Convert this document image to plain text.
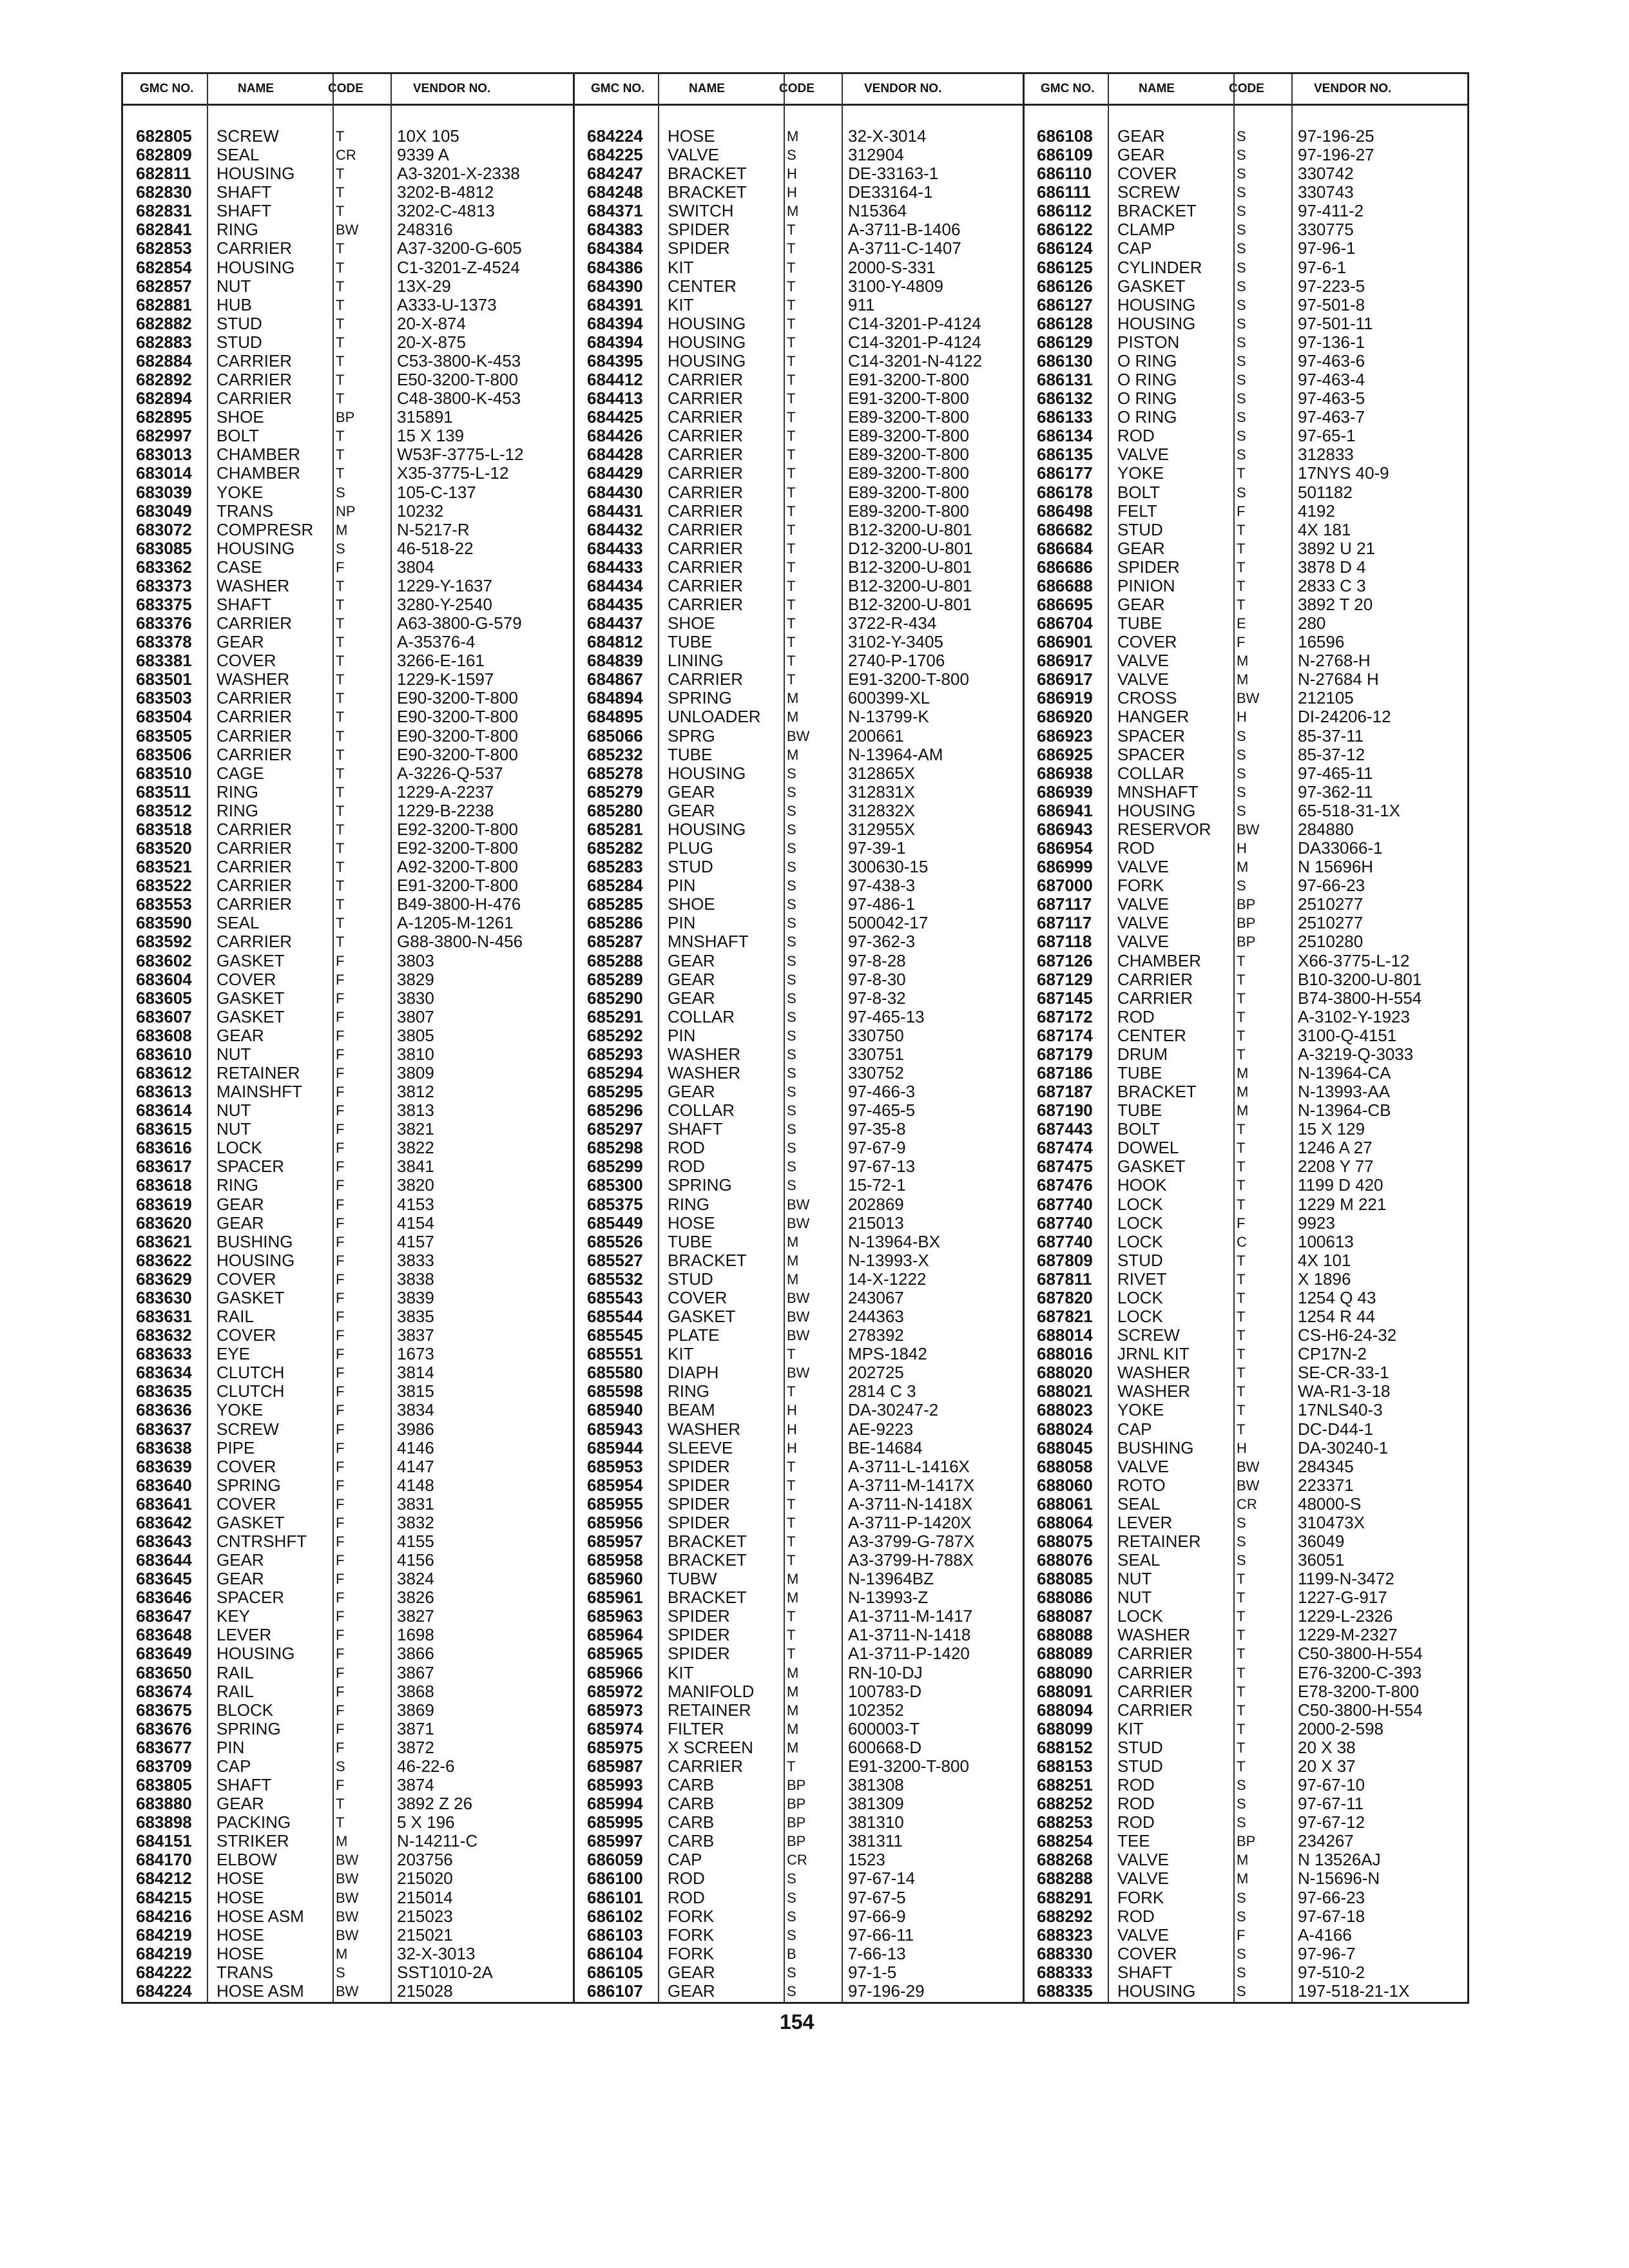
GMC NO.	NAME	CODE	VENDOR NO.	GMC NO.	NAME	CODE	VENDOR NO.	GMC NO.	NAME	CODE	VENDOR NO.
682805 SCREW	T	10X 105
682809 SEAL	CR 9339 A
682811 HOUSING	T	A3-3201-X-2338
682830 SHAFT	T	3202-B-4812
682831 SHAFT	T	3202-C-4813
682841 RING	BW 248316
682853 CARRIER	T	A37-3200-G-605
682854 HOUSING	T	C1-3201-Z-4524
682857 NUT	T	13X-29
682881 HUB	T	A333-U-1373
682882 STUD	T	20-X-874
682883 STUD	T	20-X-875
682884 CARRIER	T	C53-3800-K-453
682892 CARRIER	T	E50-3200-T-800
682894 CARRIER	T	C48-3800-K-453
682895 SHOE	BP	315891
682997 BOLT	T	15 X 139
683013 CHAMBER T	W53F-3775-L-12
683014 CHAMBER T	X35-3775-L-12
683039 YOKE	S	105-C-137
683049 TRANS	NP 10232
683072 COMPRESR M	N-5217-R
683085 HOUSING	S	46-518-22
683362 CASE	F	3804
683373 WASHER	T	1229-Y-1637
683375 SHAFT	T	3280-Y-2540
683376 CARRIER	T	A63-3800-G-579
683378 GEAR	T	A-35376-4
683381 COVER	T	3266-E-161
683501 WASHER	T	1229-K-1597
683503 CARRIER	T	E90-3200-T-800
683504 CARRIER	T	E90-3200-T-800
683505 CARRIER	T	E90-3200-T-800
683506 CARRIER	T	E90-3200-T-800
683510 CAGE	T	A-3226-Q-537
683511 RING	T	1229-A-2237
683512 RING	T	1229-B-2238
683518 CARRIER	T	E92-3200-T-800
683520 CARRIER	T	E92-3200-T-800
683521 CARRIER	T	A92-3200-T-800
683522 CARRIER	T	E91-3200-T-800
683553 CARRIER	T	B49-3800-H-476
683590 SEAL	T	A-1205-M-1261
683592 CARRIER	T	G88-3800-N-456
683602 GASKET	F	3803
683604 COVER	F	3829
683605 GASKET	F	3830
683607 GASKET	F	3807
683608 GEAR	F	3805
683610 NUT	F	3810
683612 RETAINER	F	3809
683613 MAINSHFT F	3812
683614 NUT	F	3813
683615 NUT	F	3821
683616 LOCK	F	3822
683617 SPACER	F	3841
683618 RING	F	3820
683619 GEAR	F	4153
683620 GEAR	F	4154
683621 BUSHING	F	4157
683622 HOUSING	F	3833
683629 COVER	F	3838
683630 GASKET	F	3839
683631 RAIL	F	3835
683632 COVER	F	3837
683633 EYE	F	1673
683634 CLUTCH	F	3814
683635 CLUTCH	F	3815
683636 YOKE	F	3834
683637 SCREW	F	3986
683638 PIPE	F	4146
683639 COVER	F	4147
683640 SPRING	F	4148
683641 COVER	F	3831
683642 GASKET	F	3832
683643 CNTRSHFT F	4155
683644 GEAR	F	4156
683645 GEAR	F	3824
683646 SPACER	F	3826
683647 KEY	F	3827
683648 LEVER	F	1698
683649 HOUSING	F	3866
683650 RAIL	F	3867
683674 RAIL	F	3868
683675 BLOCK	F	3869
683676 SPRING	F	3871
683677 PIN	F	3872
683709 CAP	S	46-22-6
683805 SHAFT	F	3874
683880 GEAR	T	3892 Z 26
683898 PACKING	T	5 X 196
684151 STRIKER	M	N-14211-C
684170 ELBOW	BW 203756
684212 HOSE	BW 215020
684215 HOSE	BW 215014
684216 HOSE ASM BW 215023
684219 HOSE	BW 215021
684219 HOSE	M	32-X-3013
684222 TRANS	S	SST1010-2A
684224 HOSE ASM BW 215028
684224 HOSE	M	32-X-3014
684225 VALVE	S	312904
684247 BRACKET	H	DE-33163-1
684248 BRACKET	H	DE33164-1
684371 SWITCH	M	N15364
684383 SPIDER	T	A-3711-B-1406
684384 SPIDER	T	A-3711-C-1407
684386 KIT	T	2000-S-331
684390 CENTER	T	3100-Y-4809
684391 KIT	T	911
684394 HOUSING	T	C14-3201-P-4124
684394 HOUSING	T	C14-3201-P-4124
684395 HOUSING	T	C14-3201-N-4122
684412 CARRIER	T	E91-3200-T-800
684413 CARRIER	T	E91-3200-T-800
684425 CARRIER	T	E89-3200-T-800
684426 CARRIER	T	E89-3200-T-800
684428 CARRIER	T	E89-3200-T-800
684429 CARRIER	T	E89-3200-T-800
684430 CARRIER	T	E89-3200-T-800
684431 CARRIER	T	E89-3200-T-800
684432 CARRIER	T	B12-3200-U-801
684433 CARRIER	T	D12-3200-U-801
684433 CARRIER	T	B12-3200-U-801
684434 CARRIER	T	B12-3200-U-801
684435 CARRIER	T	B12-3200-U-801
684437 SHOE	T	3722-R-434
684812 TUBE	T	3102-Y-3405
684839 LINING	T	2740-P-1706
684867 CARRIER	T	E91-3200-T-800
684894 SPRING	M	600399-XL
684895 UNLOADER M	N-13799-K
685066 SPRG	BW 200661
685232 TUBE	M	N-13964-AM
685278 HOUSING	S	312865X
685279 GEAR	S	312831X
685280 GEAR	S	312832X
685281 HOUSING	S	312955X
685282 PLUG	S	97-39-1
685283 STUD	S	300630-15
685284 PIN	S	97-438-3
685285 SHOE	S	97-486-1
685286 PIN	S	500042-17
685287 MNSHAFT	S	97-362-3
685288 GEAR	S	97-8-28
685289 GEAR	S	97-8-30
685290 GEAR	S	97-8-32
685291 COLLAR	S	97-465-13
685292 PIN	S	330750
685293 WASHER	S	330751
685294 WASHER	S	330752
685295 GEAR	S	97-466-3
685296 COLLAR	S	97-465-5
685297 SHAFT	S	97-35-8
685298 ROD	S	97-67-9
685299 ROD	S	97-67-13
685300 SPRING	S	15-72-1
685375 RING	BW 202869
685449 HOSE	BW 215013
685526 TUBE	M	N-13964-BX
685527 BRACKET	M	N-13993-X
685532 STUD	M	14-X-1222
685543 COVER	BW 243067
685544 GASKET	BW 244363
685545 PLATE	BW 278392
685551 KIT	T	MPS-1842
685580 DIAPH	BW 202725
685598 RING	T	2814 C 3
685940 BEAM	H	DA-30247-2
685943 WASHER	H	AE-9223
685944 SLEEVE	H	BE-14684
685953 SPIDER	T	A-3711-L-1416X
685954 SPIDER	T	A-3711-M-1417X
685955 SPIDER	T	A-3711-N-1418X
685956 SPIDER	T	A-3711-P-1420X
685957 BRACKET	T	A3-3799-G-787X
685958 BRACKET	T	A3-3799-H-788X
685960 TUBW	M	N-13964BZ
685961 BRACKET	M	N-13993-Z
685963 SPIDER	T	A1-3711-M-1417
685964 SPIDER	T	A1-3711-N-1418
685965 SPIDER	T	A1-3711-P-1420
685966 KIT	M	RN-10-DJ
685972 MANIFOLD M	100783-D
685973 RETAINER	M	102352
685974 FILTER	M	600003-T
685975 X SCREEN M	600668-D
685987 CARRIER	T	E91-3200-T-800
685993 CARB	BP	381308
685994 CARB	BP	381309
685995 CARB	BP	381310
685997 CARB	BP	381311
686059 CAP	CR 1523
686100 ROD	S	97-67-14
686101 ROD	S	97-67-5
686102 FORK	S	97-66-9
686103 FORK	S	97-66-11
686104 FORK	B	7-66-13
686105 GEAR	S	97-1-5
686107 GEAR	S	97-196-29
686108 GEAR	S	97-196-25
686109 GEAR	S	97-196-27
686110 COVER	S	330742
686111 SCREW	S	330743
686112 BRACKET	S	97-411-2
686122 CLAMP	S	330775
686124 CAP	S	97-96-1
686125 CYLINDER S	97-6-1
686126 GASKET	S	97-223-5
686127 HOUSING	S	97-501-8
686128 HOUSING	S	97-501-11
686129 PISTON	S	97-136-1
686130 O RING	S	97-463-6
686131 O RING	S	97-463-4
686132 O RING	S	97-463-5
686133 O RING	S	97-463-7
686134 ROD	S	97-65-1
686135 VALVE	S	312833
686177 YOKE	T	17NYS 40-9
686178 BOLT	S	501182
686498 FELT	F	4192
686682 STUD	T	4X 181
686684 GEAR	T	3892 U 21
686686 SPIDER	T	3878 D 4
686688 PINION	T	2833 C 3
686695 GEAR	T	3892 T 20
686704 TUBE	E	280
686901 COVER	F	16596
686917 VALVE	M	N-2768-H
686917 VALVE	M	N-27684 H
686919 CROSS	BW 212105
686920 HANGER	H	DI-24206-12
686923 SPACER	S	85-37-11
686925 SPACER	S	85-37-12
686938 COLLAR	S	97-465-11
686939 MNSHAFT	S	97-362-11
686941 HOUSING	S	65-518-31-1X
686943 RESERVOR BW 284880
686954 ROD	H	DA33066-1
686999 VALVE	M	N 15696H
687000 FORK	S	97-66-23
687117 VALVE	BP	2510277
687117 VALVE	BP	2510277
687118 VALVE	BP	2510280
687126 CHAMBER T	X66-3775-L-12
687129 CARRIER	T	B10-3200-U-801
687145 CARRIER	T	B74-3800-H-554
687172 ROD	T	A-3102-Y-1923
687174 CENTER	T	3100-Q-4151
687179 DRUM	T	A-3219-Q-3033
687186 TUBE	M	N-13964-CA
687187 BRACKET	M	N-13993-AA
687190 TUBE	M	N-13964-CB
687443 BOLT	T	15 X 129
687474 DOWEL	T	1246 A 27
687475 GASKET	T	2208 Y 77
687476 HOOK	T	1199 D 420
687740 LOCK	T	1229 M 221
687740 LOCK	F	9923
687740 LOCK	C	100613
687809 STUD	T	4X 101
687811 RIVET	T	X 1896
687820 LOCK	T	1254 Q 43
687821 LOCK	T	1254 R 44
688014 SCREW	T	CS-H6-24-32
688016 JRNL KIT	T	CP17N-2
688020 WASHER	T	SE-CR-33-1
688021 WASHER	T	WA-R1-3-18
688023 YOKE	T	17NLS40-3
688024 CAP	T	DC-D44-1
688045 BUSHING	H	DA-30240-1
688058 VALVE	BW 284345
688060 ROTO	BW 223371
688061 SEAL	CR 48000-S
688064 LEVER	S	310473X
688075 RETAINER	S	36049
688076 SEAL	S	36051
688085 NUT	T	1199-N-3472
688086 NUT	T	1227-G-917
688087 LOCK	T	1229-L-2326
688088 WASHER	T	1229-M-2327
688089 CARRIER	T	C50-3800-H-554
688090 CARRIER	T	E76-3200-C-393
688091 CARRIER	T	E78-3200-T-800
688094 CARRIER	T	C50-3800-H-554
688099 KIT	T	2000-2-598
688152 STUD	T	20 X 38
688153 STUD	T	20 X 37
688251 ROD	S	97-67-10
688252 ROD	S	97-67-11
688253 ROD	S	97-67-12
688254 TEE	BP	234267
688268 VALVE	M	N 13526AJ
688288 VALVE	M	N-15696-N
688291 FORK	S	97-66-23
688292 ROD	S	97-67-18
688323 VALVE	F	A-4166
688330 COVER	S	97-96-7
688333 SHAFT	S	97-510-2
688335 HOUSING	S	197-518-21-1X
154
